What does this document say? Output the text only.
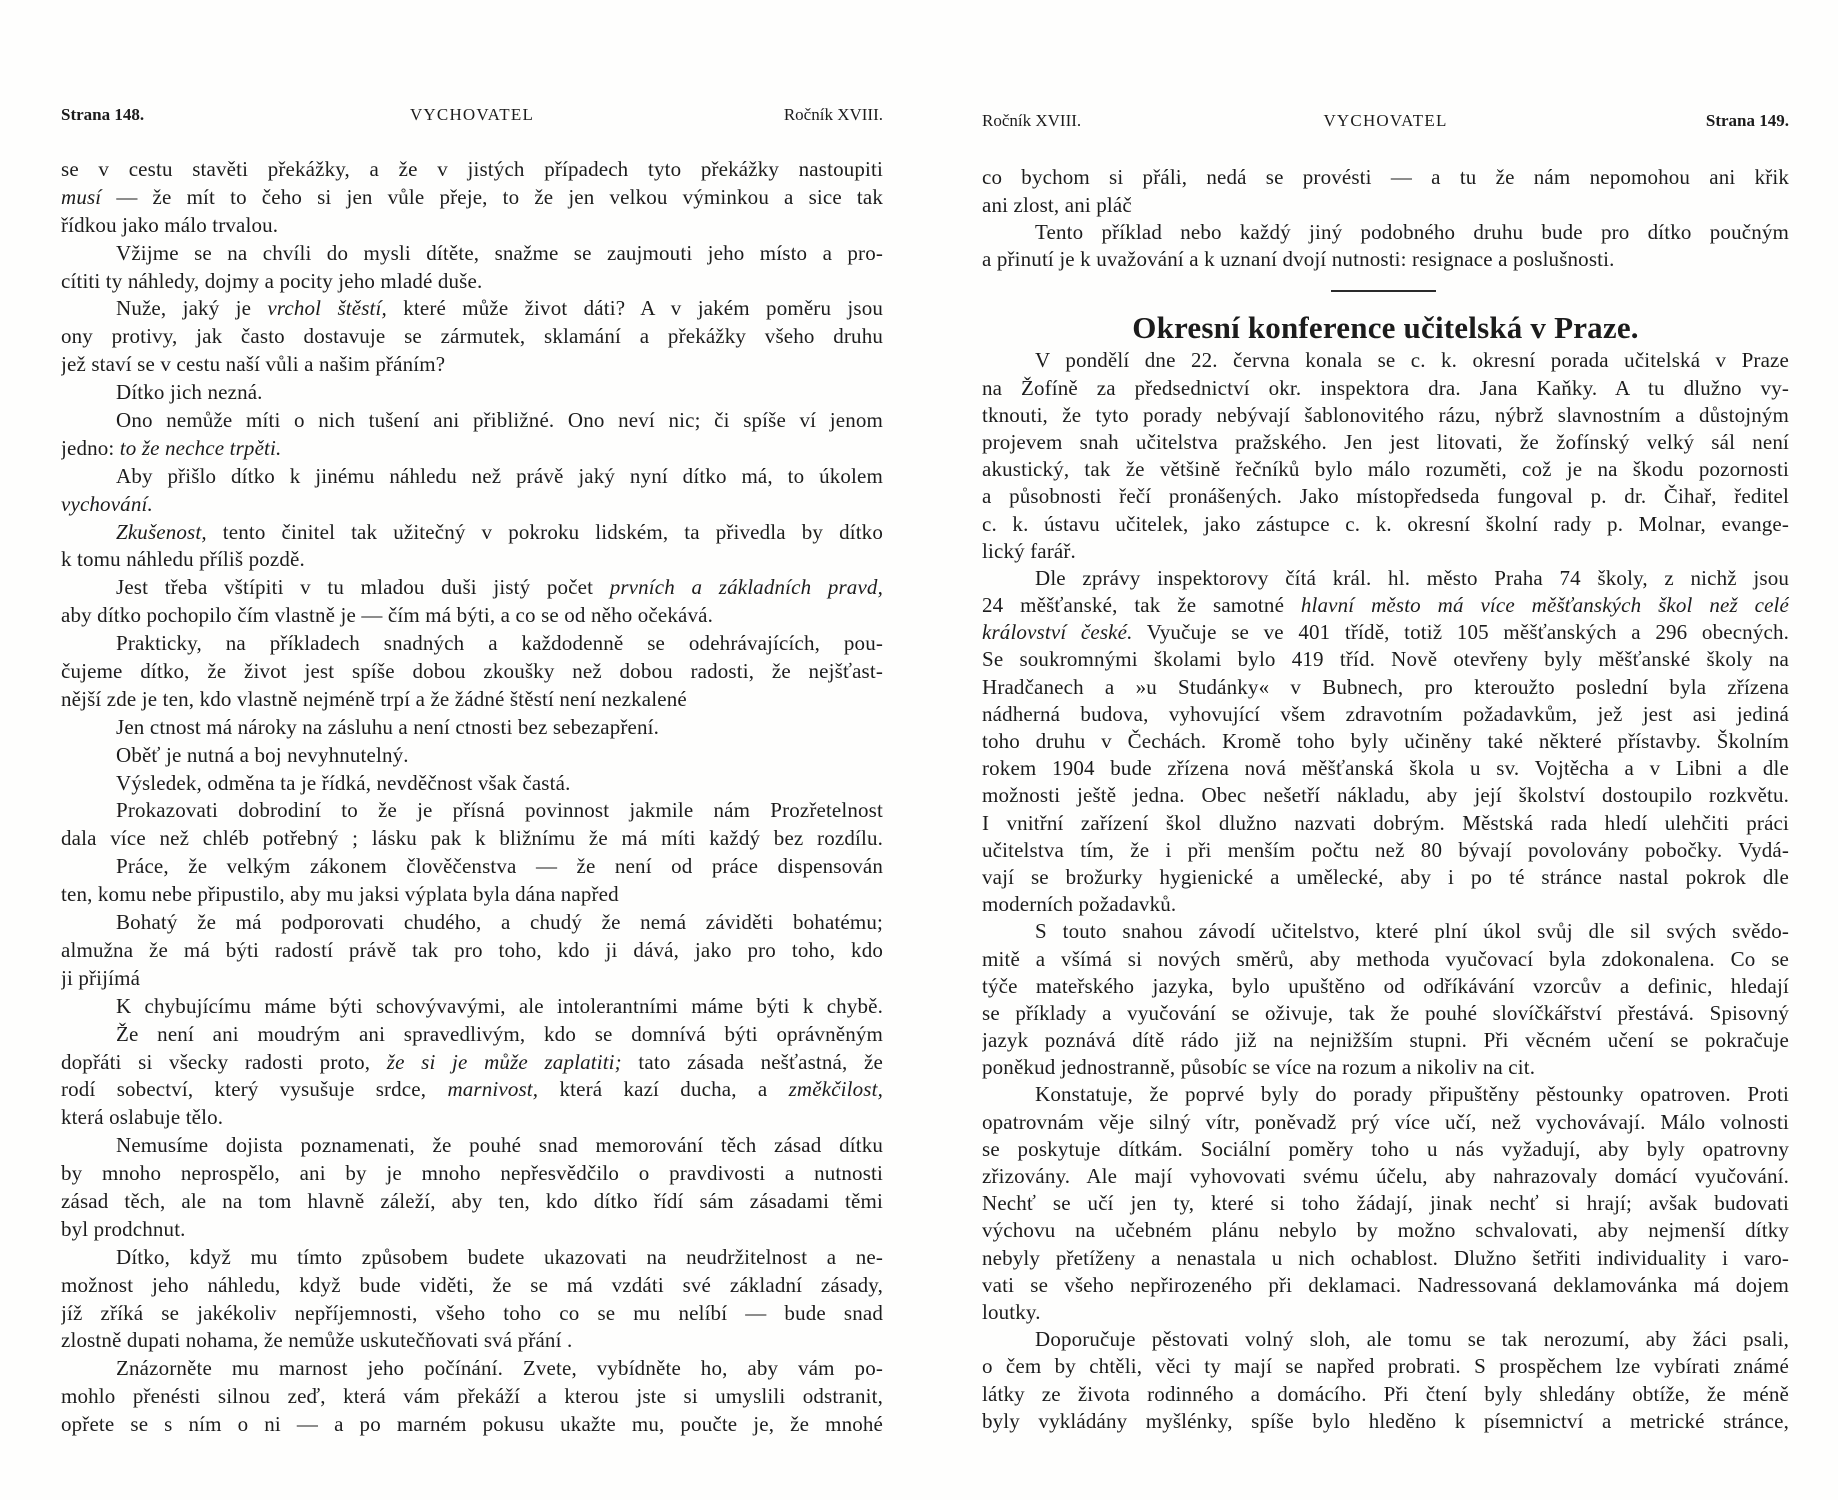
Strana 148.	VYCHOVATEL	Ročník XVIII.
se v cestu stavěti překážky, a že v jistých případech tyto překážky nastoupiti
musí — že mít to čeho si jen vůle přeje, to že jen velkou výminkou a sice tak
řídkou jako málo trvalou.
Vžijme se na chvíli do mysli dítěte, snažme se zaujmouti jeho místo a pro-
cítiti ty náhledy, dojmy a pocity jeho mladé duše.
Nuže, jaký je vrchol štěstí, které může život dáti? A v jakém poměru jsou
ony protivy, jak často dostavuje se zármutek, sklamání a překážky všeho druhu
jež staví se v cestu naší vůli a našim přáním?
Dítko jich nezná.
Ono nemůže míti o nich tušení ani přibližné. Ono neví nic; či spíše ví jenom
jedno: to že nechce trpěti.
Aby přišlo dítko k jinému náhledu než právě jaký nyní dítko má, to úkolem
vychování.
Zkušenost, tento činitel tak užitečný v pokroku lidském, ta přivedla by dítko
k tomu náhledu příliš pozdě.
Jest třeba vštípiti v tu mladou duši jistý počet prvních a základních pravd,
aby dítko pochopilo čím vlastně je — čím má býti, a co se od něho očekává.
Prakticky, na příkladech snadných a každodenně se odehrávajících, pou-
čujeme dítko, že život jest spíše dobou zkoušky než dobou radosti, že nejšťast-
nější zde je ten, kdo vlastně nejméně trpí a že žádné štěstí není nezkalené
Jen ctnost má nároky na zásluhu a není ctnosti bez sebezapření.
Oběť je nutná a boj nevyhnutelný.
Výsledek, odměna ta je řídká, nevděčnost však častá.
Prokazovati dobrodiní to že je přísná povinnost jakmile nám Prozřetelnost
dala více než chléb potřebný ; lásku pak k bližnímu že má míti každý bez rozdílu.
Práce, že velkým zákonem člověčenstva — že není od práce dispensován
ten, komu nebe připustilo, aby mu jaksi výplata byla dána napřed
Bohatý že má podporovati chudého, a chudý že nemá záviděti bohatému;
almužna že má býti radostí právě tak pro toho, kdo ji dává, jako pro toho, kdo
ji přijímá
K chybujícímu máme býti schovývavými, ale intolerantními máme býti k chybě.
Že není ani moudrým ani spravedlivým, kdo se domnívá býti oprávněným
dopřáti si všecky radosti proto, že si je může zaplatiti; tato zásada nešťastná, že
rodí sobectví, který vysušuje srdce, marnivost, která kazí ducha, a změkčilost,
která oslabuje tělo.
Nemusíme dojista poznamenati, že pouhé snad memorování těch zásad dítku
by mnoho neprospělo, ani by je mnoho nepřesvědčilo o pravdivosti a nutnosti
zásad těch, ale na tom hlavně záleží, aby ten, kdo dítko řídí sám zásadami těmi
byl prodchnut.
Dítko, když mu tímto způsobem budete ukazovati na neudržitelnost a ne-
možnost jeho náhledu, když bude viděti, že se má vzdáti své základní zásady,
jíž zříká se jakékoliv nepříjemnosti, všeho toho co se mu nelíbí — bude snad
zlostně dupati nohama, že nemůže uskutečňovati svá přání .
Znázorněte mu marnost jeho počínání. Zvete, vybídněte ho, aby vám po-
mohlo přenésti silnou zeď, která vám překáží a kterou jste si umyslili odstranit,
opřete se s ním o ni — a po marném pokusu ukažte mu, poučte je, že mnohé
Ročník XVIII.	VYCHOVATEL	Strana 149.
co bychom si přáli, nedá se provésti — a tu že nám nepomohou ani křik
ani zlost, ani pláč
Tento příklad nebo každý jiný podobného druhu bude pro dítko poučným
a přinutí je k uvažování a k uznaní dvojí nutnosti: resignace a poslušnosti.
Okresní konference učitelská v Praze.
V pondělí dne 22. června konala se c. k. okresní porada učitelská v Praze
na Žofíně za předsednictví okr. inspektora dra. Jana Kaňky. A tu dlužno vy-
tknouti, že tyto porady nebývají šablonovitého rázu, nýbrž slavnostním a důstojným
projevem snah učitelstva pražského. Jen jest litovati, že žofínský velký sál není
akustický, tak že většině řečníků bylo málo rozuměti, což je na škodu pozornosti
a působnosti řečí pronášených. Jako místopředseda fungoval p. dr. Čihař, ředitel
c. k. ústavu učitelek, jako zástupce c. k. okresní školní rady p. Molnar, evange-
lický farář.
Dle zprávy inspektorovy čítá král. hl. město Praha 74 školy, z nichž jsou
24 měšťanské, tak že samotné hlavní město má více měšťanských škol než celé
království české. Vyučuje se ve 401 třídě, totiž 105 měšťanských a 296 obecných.
Se soukromnými školami bylo 419 tříd. Nově otevřeny byly měšťanské školy na
Hradčanech a »u Studánky« v Bubnech, pro kteroužto poslední byla zřízena
nádherná budova, vyhovující všem zdravotním požadavkům, jež jest asi jediná
toho druhu v Čechách. Kromě toho byly učiněny také některé přístavby. Školním
rokem 1904 bude zřízena nová měšťanská škola u sv. Vojtěcha a v Libni a dle
možnosti ještě jedna. Obec nešetří nákladu, aby její školství dostoupilo rozkvětu.
I vnitřní zařízení škol dlužno nazvati dobrým. Městská rada hledí ulehčiti práci
učitelstva tím, že i při menším počtu než 80 bývají povolovány pobočky. Vydá-
vají se brožurky hygienické a umělecké, aby i po té stránce nastal pokrok dle
moderních požadavků.
S touto snahou závodí učitelstvo, které plní úkol svůj dle sil svých svědo-
mitě a všímá si nových směrů, aby methoda vyučovací byla zdokonalena. Co se
týče mateřského jazyka, bylo upuštěno od odříkávání vzorcův a definic, hledají
se příklady a vyučování se oživuje, tak že pouhé slovíčkářství přestává. Spisovný
jazyk poznává dítě rádo již na nejnižším stupni. Při věcném učení se pokračuje
poněkud jednostranně, působíc se více na rozum a nikoliv na cit.
Konstatuje, že poprvé byly do porady připuštěny pěstounky opatroven. Proti
opatrovnám věje silný vítr, poněvadž prý více učí, než vychovávají. Málo volnosti
se poskytuje dítkám. Sociální poměry toho u nás vyžadují, aby byly opatrovny
zřizovány. Ale mají vyhovovati svému účelu, aby nahrazovaly domácí vyučování.
Nechť se učí jen ty, které si toho žádají, jinak nechť si hrají; avšak budovati
výchovu na učebném plánu nebylo by možno schvalovati, aby nejmenší dítky
nebyly přetíženy a nenastala u nich ochablost. Dlužno šetřiti individuality i varo-
vati se všeho nepřirozeného při deklamaci. Nadressovaná deklamovánka má dojem
loutky.
Doporučuje pěstovati volný sloh, ale tomu se tak nerozumí, aby žáci psali,
o čem by chtěli, věci ty mají se napřed probrati. S prospěchem lze vybírati známé
látky ze života rodinného a domácího. Při čtení byly shledány obtíže, že méně
byly vykládány myšlénky, spíše bylo hleděno k písemnictví a metrické stránce,
